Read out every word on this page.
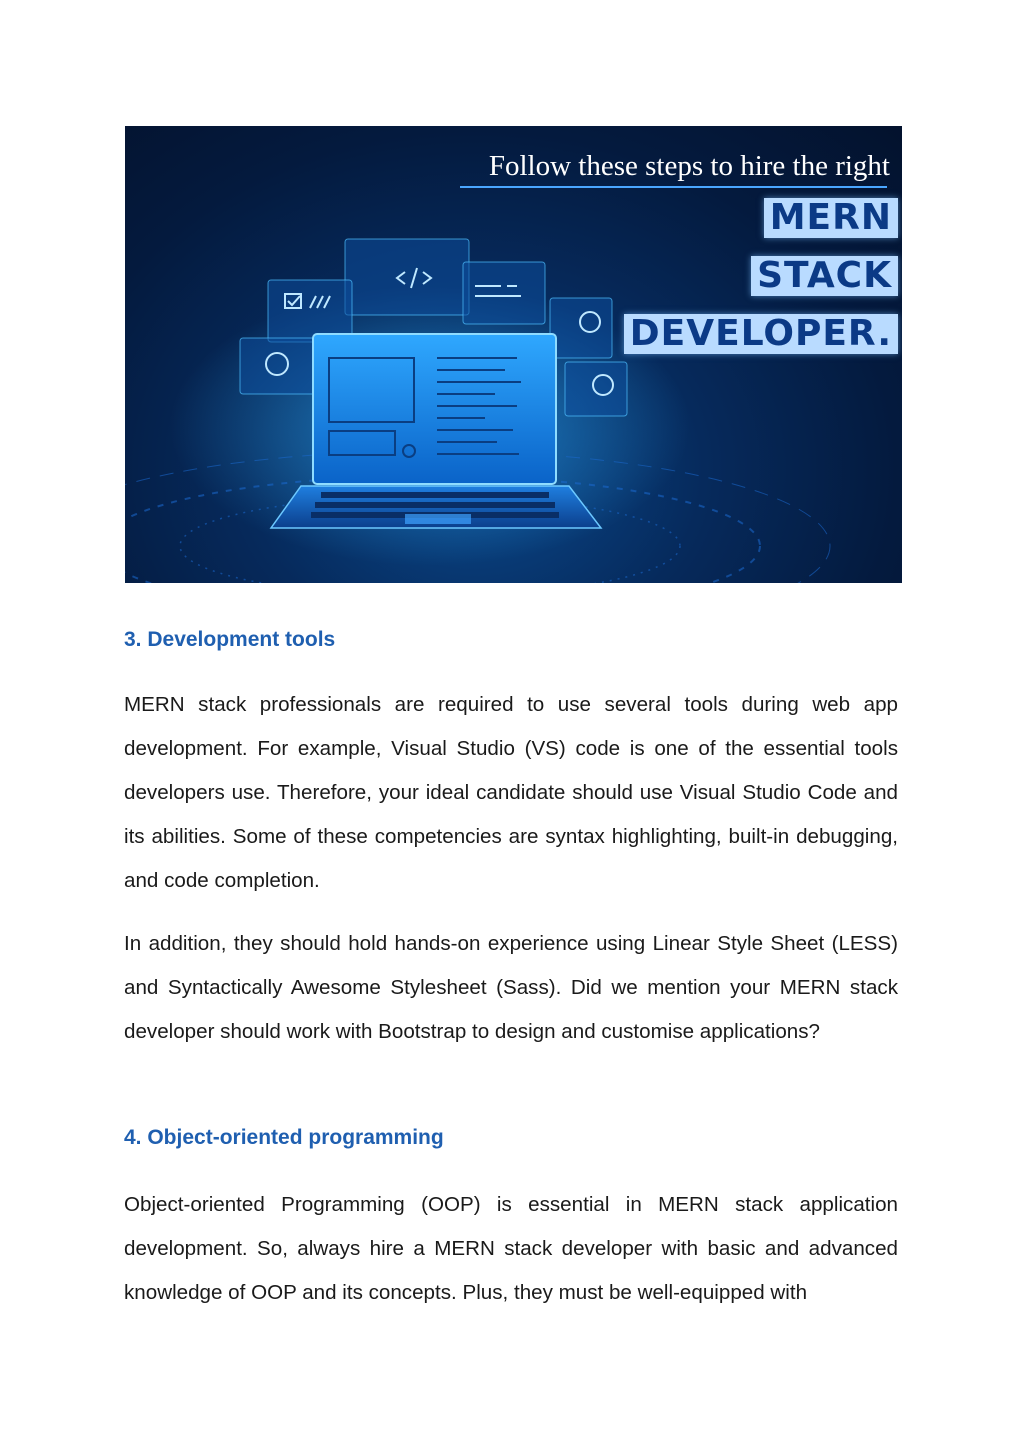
Follow these steps to hire the right
MERN
STACK
DEVELOPER.
3. Development tools

MERN stack professionals are required to use several tools during web app development. For example, Visual Studio (VS) code is one of the essential tools developers use. Therefore, your ideal candidate should use Visual Studio Code and its abilities. Some of these competencies are syntax highlighting, built-in debugging, and code completion.

In addition, they should hold hands-on experience using Linear Style Sheet (LESS) and Syntactically Awesome Stylesheet (Sass). Did we mention your MERN stack developer should work with Bootstrap to design and customise applications?

4. Object-oriented programming

Object-oriented Programming (OOP) is essential in MERN stack application development. So, always hire a MERN stack developer with basic and advanced knowledge of OOP and its concepts. Plus, they must be well-equipped with
